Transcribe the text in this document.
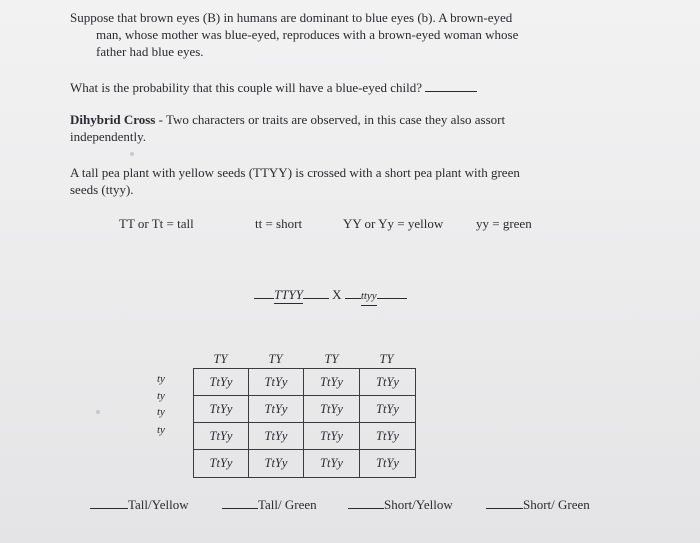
Suppose that brown eyes (B) in humans are dominant to blue eyes (b). A brown-eyed
man, whose mother was blue-eyed, reproduces with a brown-eyed woman whose
father had blue eyes.
What is the probability that this couple will have a blue-eyed child?
Dihybrid Cross - Two characters or traits are observed, in this case they also assort
independently.
A tall pea plant with yellow seeds (TTYY) is crossed with a short pea plant with green
seeds (ttyy).
TT or Tt = tall	tt = short	YY or Yy = yellow	yy = green
TTYY X ttyy
TY	TY	TY	TY
ty
ty
ty
ty
TtYy	TtYy	TtYy	TtYy
TtYy	TtYy	TtYy	TtYy
TtYy	TtYy	TtYy	TtYy
TtYy	TtYy	TtYy	TtYy
Tall/Yellow	Tall/ Green	Short/Yellow	Short/ Green
